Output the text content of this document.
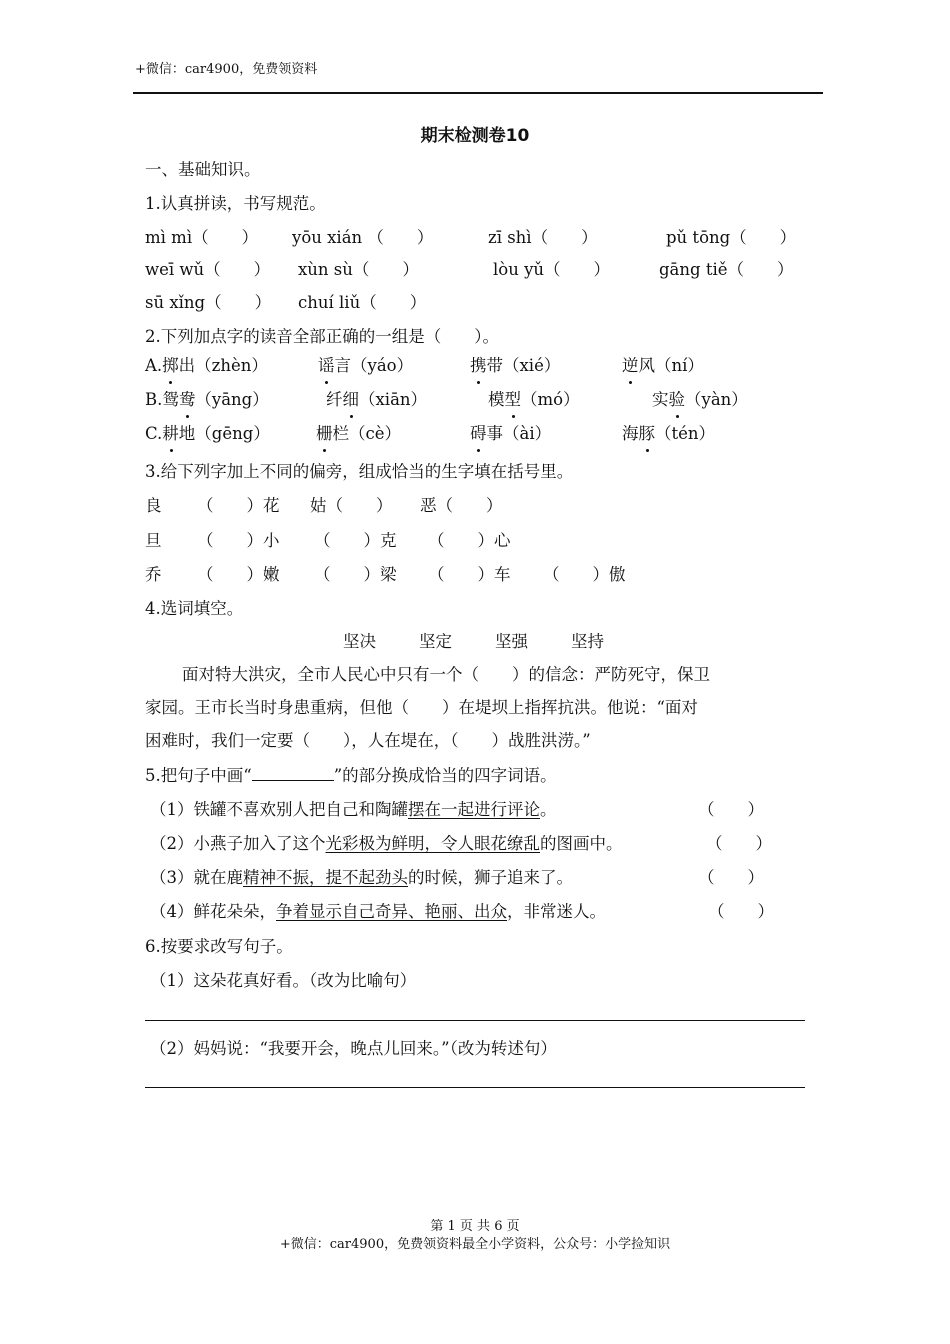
+微信：car4900，免费领资料
期末检测卷10
一、基础知识。
1.认真拼读，书写规范。
mì mì（　　） yōu xián （　　）	zī shì（　　）	pǔ tōng（　　）
weī wǔ（　　） xùn sù（　　）	lòu yǔ（　　）	gāng tiě（　　）
sū xǐng（　　） chuí liǔ（　　）
2.下列加点字的读音全部正确的一组是（　　）。
A.掷出（zhèn）	谣言（yáo）	携带（xié）	逆风（ní）
B.鸳鸯（yāng）	纤细（xiān）	模型（mó）	实验（yàn）
C.耕地（gēng）	栅栏（cè）	碍事（ài）	海豚（tén）
3.给下列字加上不同的偏旁，组成恰当的生字填在括号里。
良 （　　）花 姑（　　） 恶（　　）
旦 （　　）小 （　　）克 （　　）心
乔 （　　）嫩 （　　）梁 （　　）车 （　　）傲
4.选词填空。
坚决	坚定	坚强	坚持
面对特大洪灾，全市人民心中只有一个（　　）的信念：严防死守，保卫
家园。王市长当时身患重病，但他（　　）在堤坝上指挥抗洪。他说：“面对
困难时，我们一定要（　　），人在堤在，（　　）战胜洪涝。”
5.把句子中画“	”的部分换成恰当的四字词语。
（1）铁罐不喜欢别人把自己和陶罐摆在一起进行评论。	（　　）
（2）小燕子加入了这个光彩极为鲜明，令人眼花缭乱的图画中。	（　　）
（3）就在鹿精神不振，提不起劲头的时候，狮子追来了。	（　　）
（4）鲜花朵朵，争着显示自己奇异、艳丽、出众，非常迷人。	（　　）
6.按要求改写句子。
（1）这朵花真好看。（改为比喻句）
（2）妈妈说：“我要开会，晚点儿回来。”（改为转述句）
第 1 页 共 6 页
+微信：car4900，免费领资料最全小学资料，公众号：小学捡知识
